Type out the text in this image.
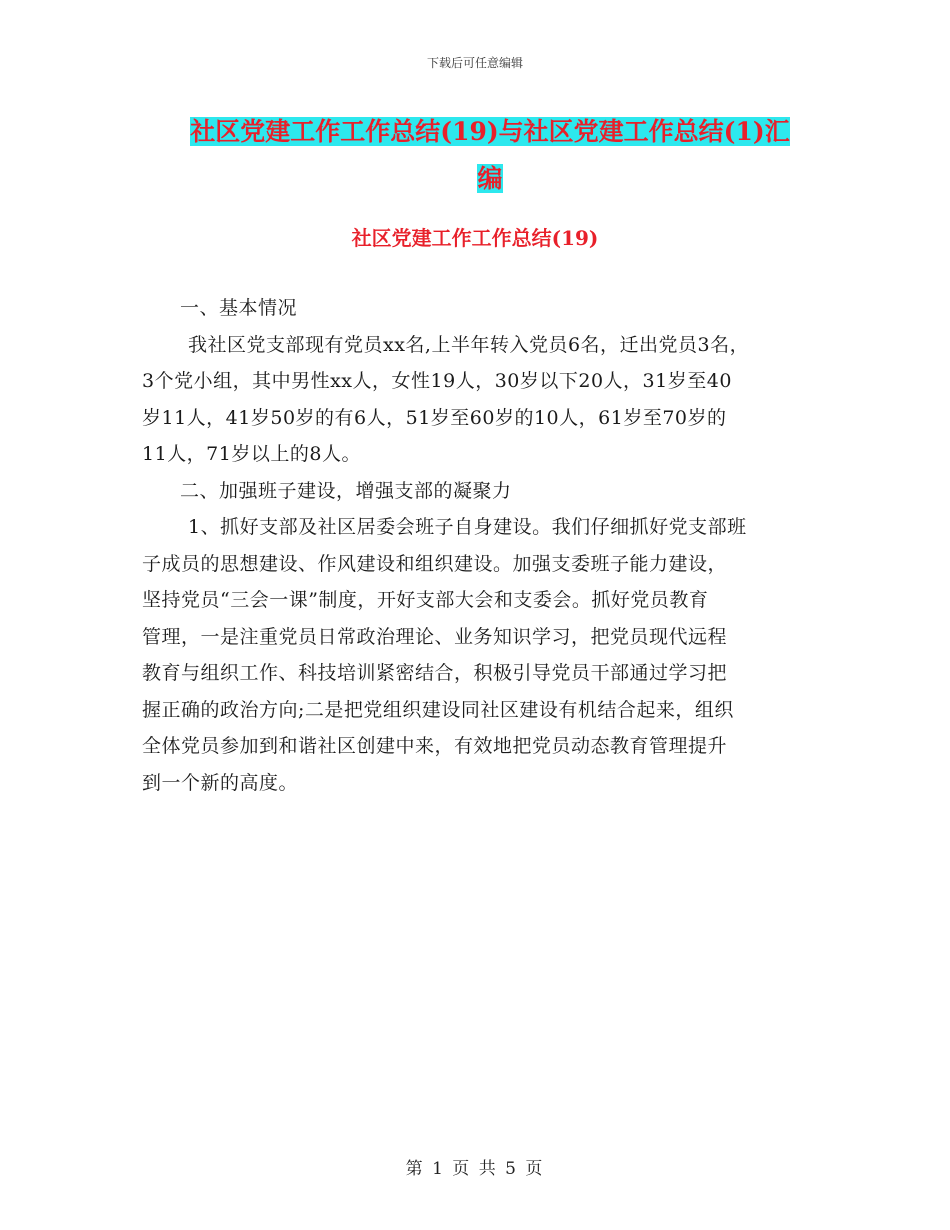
下载后可任意编辑
社区党建工作工作总结(19)与社区党建工作总结(1)汇
编
社区党建工作工作总结(19)

一、基本情况

我社区党支部现有党员xx名,上半年转入党员6名，迁出党员3名，
3个党小组，其中男性xx人，女性19人，30岁以下20人，31岁至40
岁11人，41岁50岁的有6人，51岁至60岁的10人，61岁至70岁的
11人，71岁以上的8人。

二、加强班子建设，增强支部的凝聚力

1、抓好支部及社区居委会班子自身建设。我们仔细抓好党支部班
子成员的思想建设、作风建设和组织建设。加强支委班子能力建设，
坚持党员“三会一课”制度，开好支部大会和支委会。抓好党员教育
管理，一是注重党员日常政治理论、业务知识学习，把党员现代远程
教育与组织工作、科技培训紧密结合，积极引导党员干部通过学习把
握正确的政治方向;二是把党组织建设同社区建设有机结合起来，组织
全体党员参加到和谐社区创建中来，有效地把党员动态教育管理提升
到一个新的高度。

第 1 页 共 5 页
